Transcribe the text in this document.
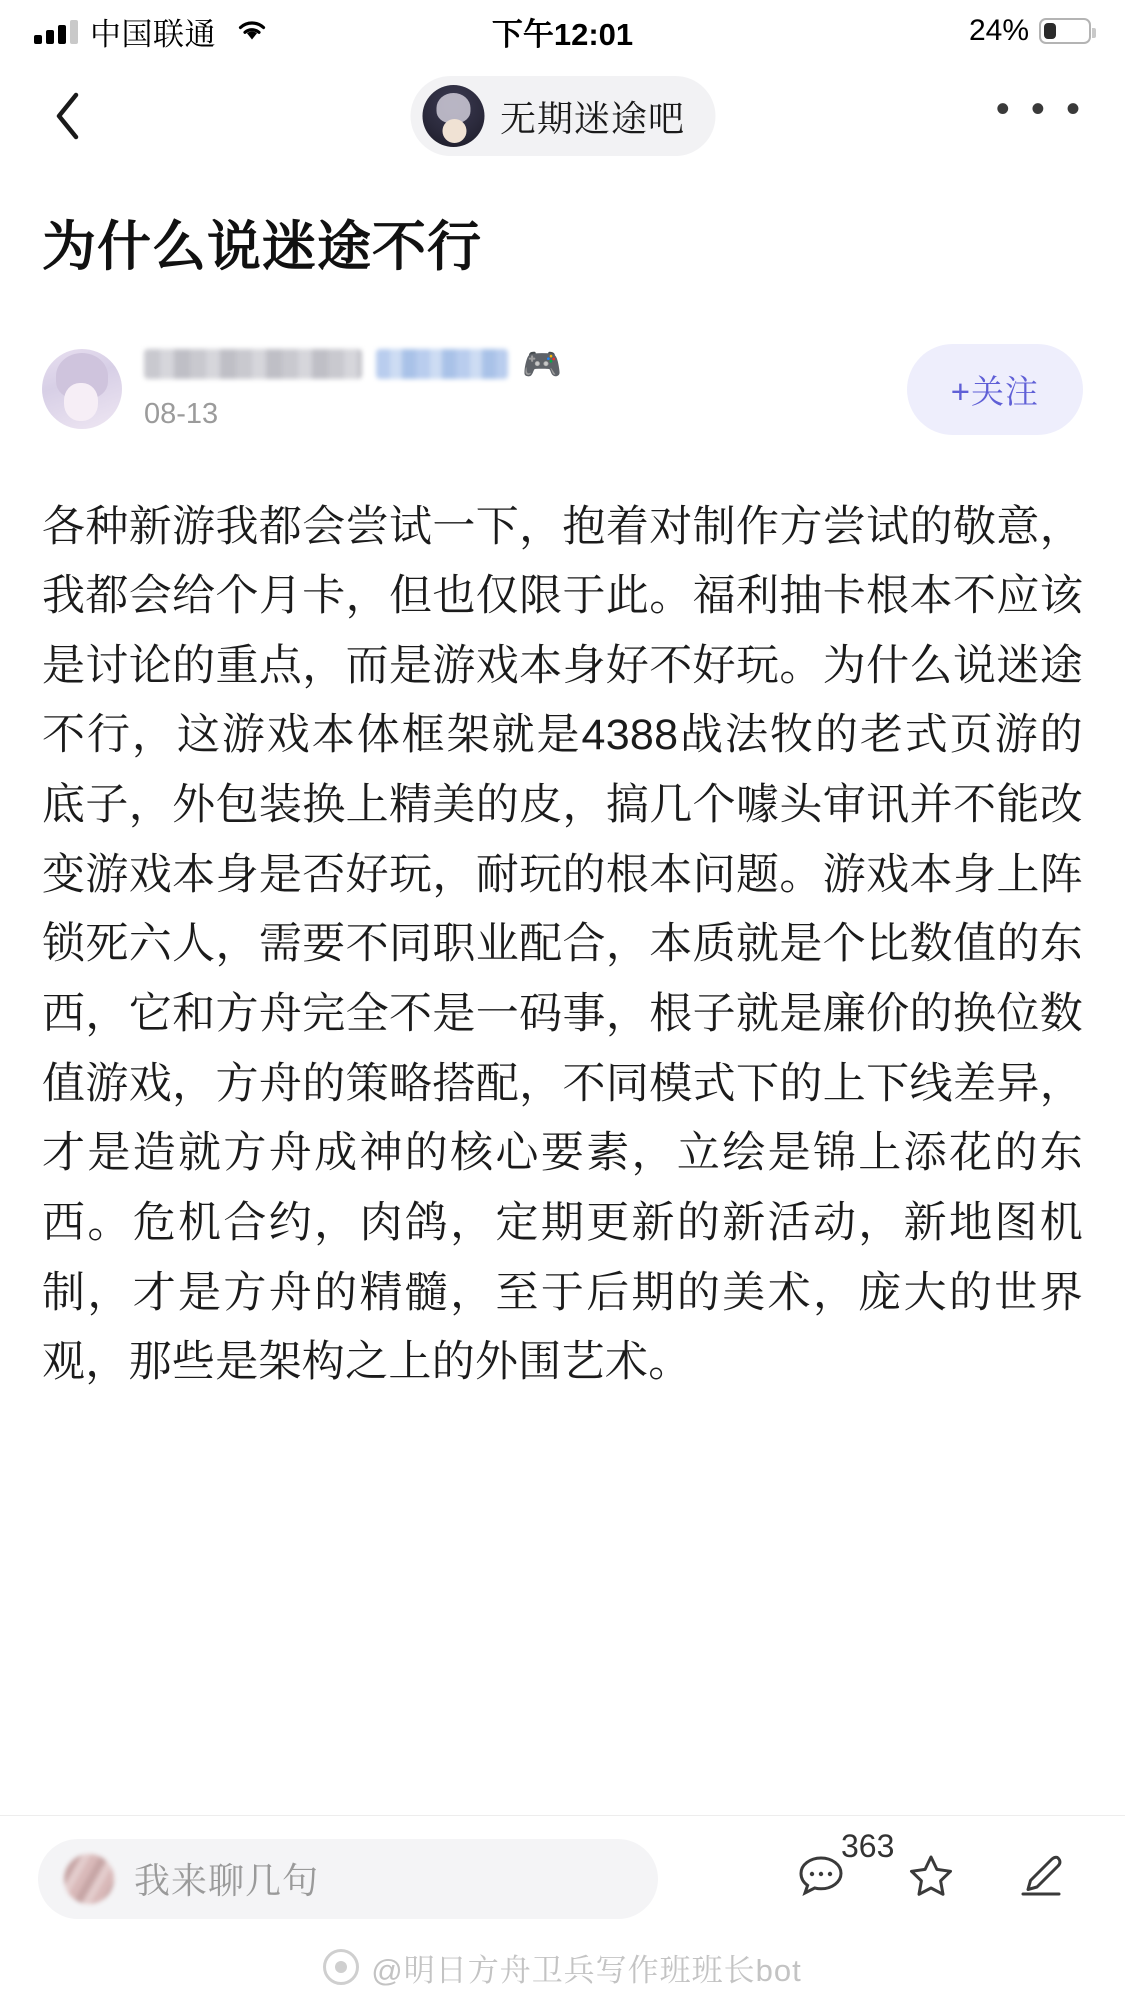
中国联通	下午12:01	24%
无期迷途吧	• • •
为什么说迷途不行
🎮
08-13
+关注
各种新游我都会尝试一下，抱着对制作方尝试的敬意，我都会给个月卡，但也仅限于此。福利抽卡根本不应该是讨论的重点，而是游戏本身好不好玩。为什么说迷途不行，这游戏本体框架就是4388战法牧的老式页游的底子，外包装换上精美的皮，搞几个噱头审讯并不能改变游戏本身是否好玩，耐玩的根本问题。游戏本身上阵锁死六人，需要不同职业配合，本质就是个比数值的东西，它和方舟完全不是一码事，根子就是廉价的换位数值游戏，方舟的策略搭配，不同模式下的上下线差异，才是造就方舟成神的核心要素，立绘是锦上添花的东西。危机合约，肉鸽，定期更新的新活动，新地图机制，才是方舟的精髓，至于后期的美术，庞大的世界观，那些是架构之上的外围艺术。
我来聊几句
363
@明日方舟卫兵写作班班长bot
